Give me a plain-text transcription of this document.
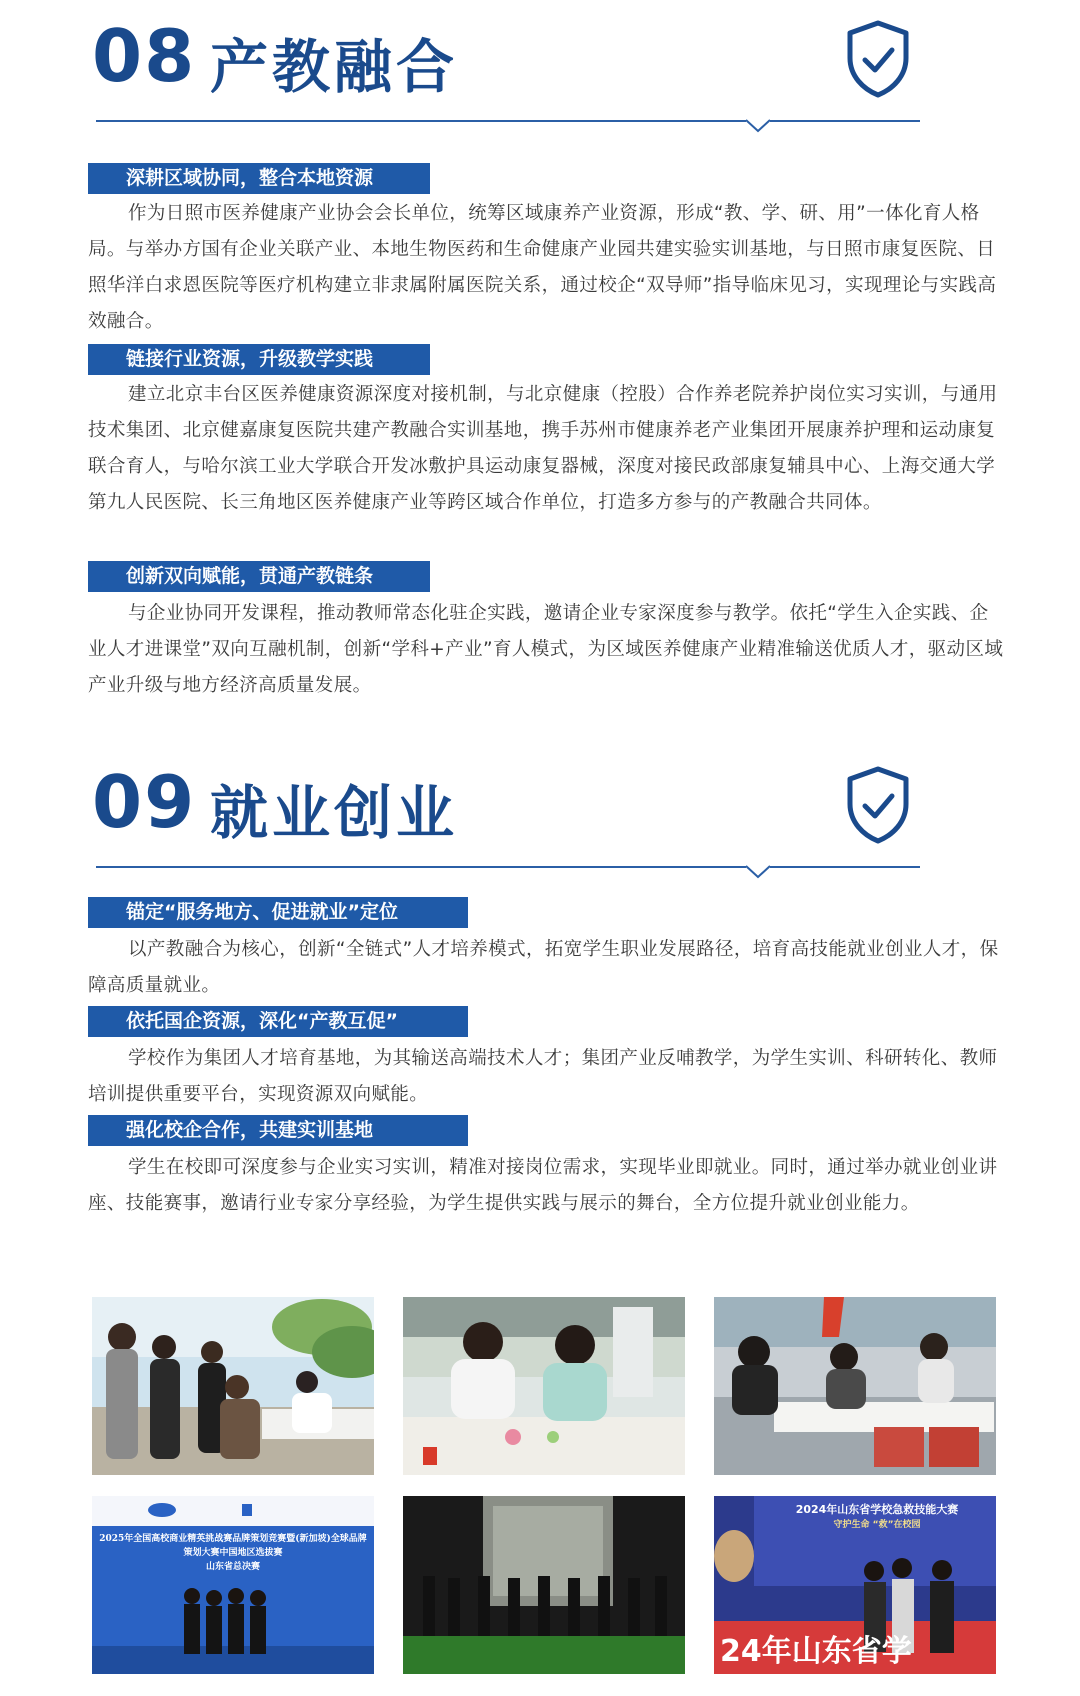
08 产教融合
深耕区域协同，整合本地资源

作为日照市医养健康产业协会会长单位，统筹区域康养产业资源，形成“教、学、研、用”一体化育人格局。与举办方国有企业关联产业、本地生物医药和生命健康产业园共建实验实训基地，与日照市康复医院、日照华洋白求恩医院等医疗机构建立非隶属附属医院关系，通过校企“双导师”指导临床见习，实现理论与实践高效融合。

链接行业资源，升级教学实践

建立北京丰台区医养健康资源深度对接机制，与北京健康（控股）合作养老院养护岗位实习实训，与通用技术集团、北京健嘉康复医院共建产教融合实训基地，携手苏州市健康养老产业集团开展康养护理和运动康复联合育人，与哈尔滨工业大学联合开发冰敷护具运动康复器械，深度对接民政部康复辅具中心、上海交通大学第九人民医院、长三角地区医养健康产业等跨区域合作单位，打造多方参与的产教融合共同体。

创新双向赋能，贯通产教链条

与企业协同开发课程，推动教师常态化驻企实践，邀请企业专家深度参与教学。依托“学生入企实践、企业人才进课堂”双向互融机制，创新“学科+产业”育人模式，为区域医养健康产业精准输送优质人才，驱动区域产业升级与地方经济高质量发展。

09 就业创业
锚定“服务地方、促进就业”定位

以产教融合为核心，创新“全链式”人才培养模式，拓宽学生职业发展路径，培育高技能就业创业人才，保障高质量就业。

依托国企资源，深化“产教互促”

学校作为集团人才培育基地，为其输送高端技术人才；集团产业反哺教学，为学生实训、科研转化、教师培训提供重要平台，实现资源双向赋能。

强化校企合作，共建实训基地

学生在校即可深度参与企业实习实训，精准对接岗位需求，实现毕业即就业。同时，通过举办就业创业讲座、技能赛事，邀请行业专家分享经验，为学生提供实践与展示的舞台，全方位提升就业创业能力。

2025年全国高校商业精英挑战赛品牌策划竞赛暨(新加坡)全球品牌
策划大赛中国地区选拔赛
山东省总决赛
2024年山东省学校急救技能大赛
守护生命 “救”在校园
24年山东省学
